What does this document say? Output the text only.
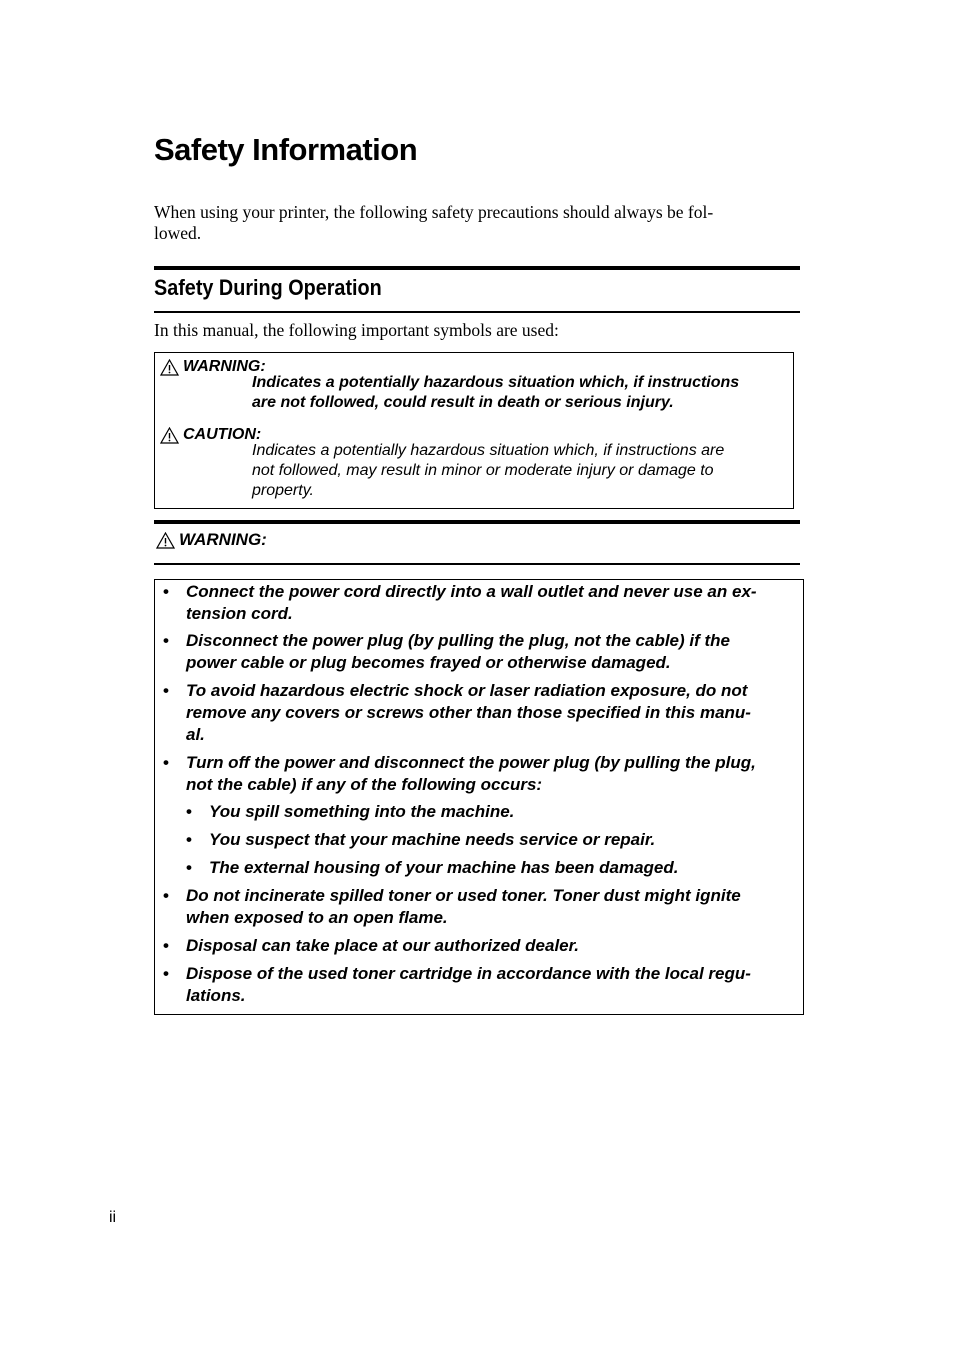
Safety Information

When using your printer, the following safety precautions should always be fol-
lowed.

Safety During Operation

In this manual, the following important symbols are used:

WARNING:
Indicates a potentially hazardous situation which, if instructions
are not followed, could result in death or serious injury.
CAUTION:
Indicates a potentially hazardous situation which, if instructions are
not followed, may result in minor or moderate injury or damage to
property.
WARNING:
• Connect the power cord directly into a wall outlet and never use an ex-
tension cord.
• Disconnect the power plug (by pulling the plug, not the cable) if the
power cable or plug becomes frayed or otherwise damaged.
• To avoid hazardous electric shock or laser radiation exposure, do not
remove any covers or screws other than those specified in this manu-
al.
• Turn off the power and disconnect the power plug (by pulling the plug,
not the cable) if any of the following occurs:
• You spill something into the machine.
• You suspect that your machine needs service or repair.
• The external housing of your machine has been damaged.
• Do not incinerate spilled toner or used toner. Toner dust might ignite
when exposed to an open flame.
• Disposal can take place at our authorized dealer.
• Dispose of the used toner cartridge in accordance with the local regu-
lations.
ii
